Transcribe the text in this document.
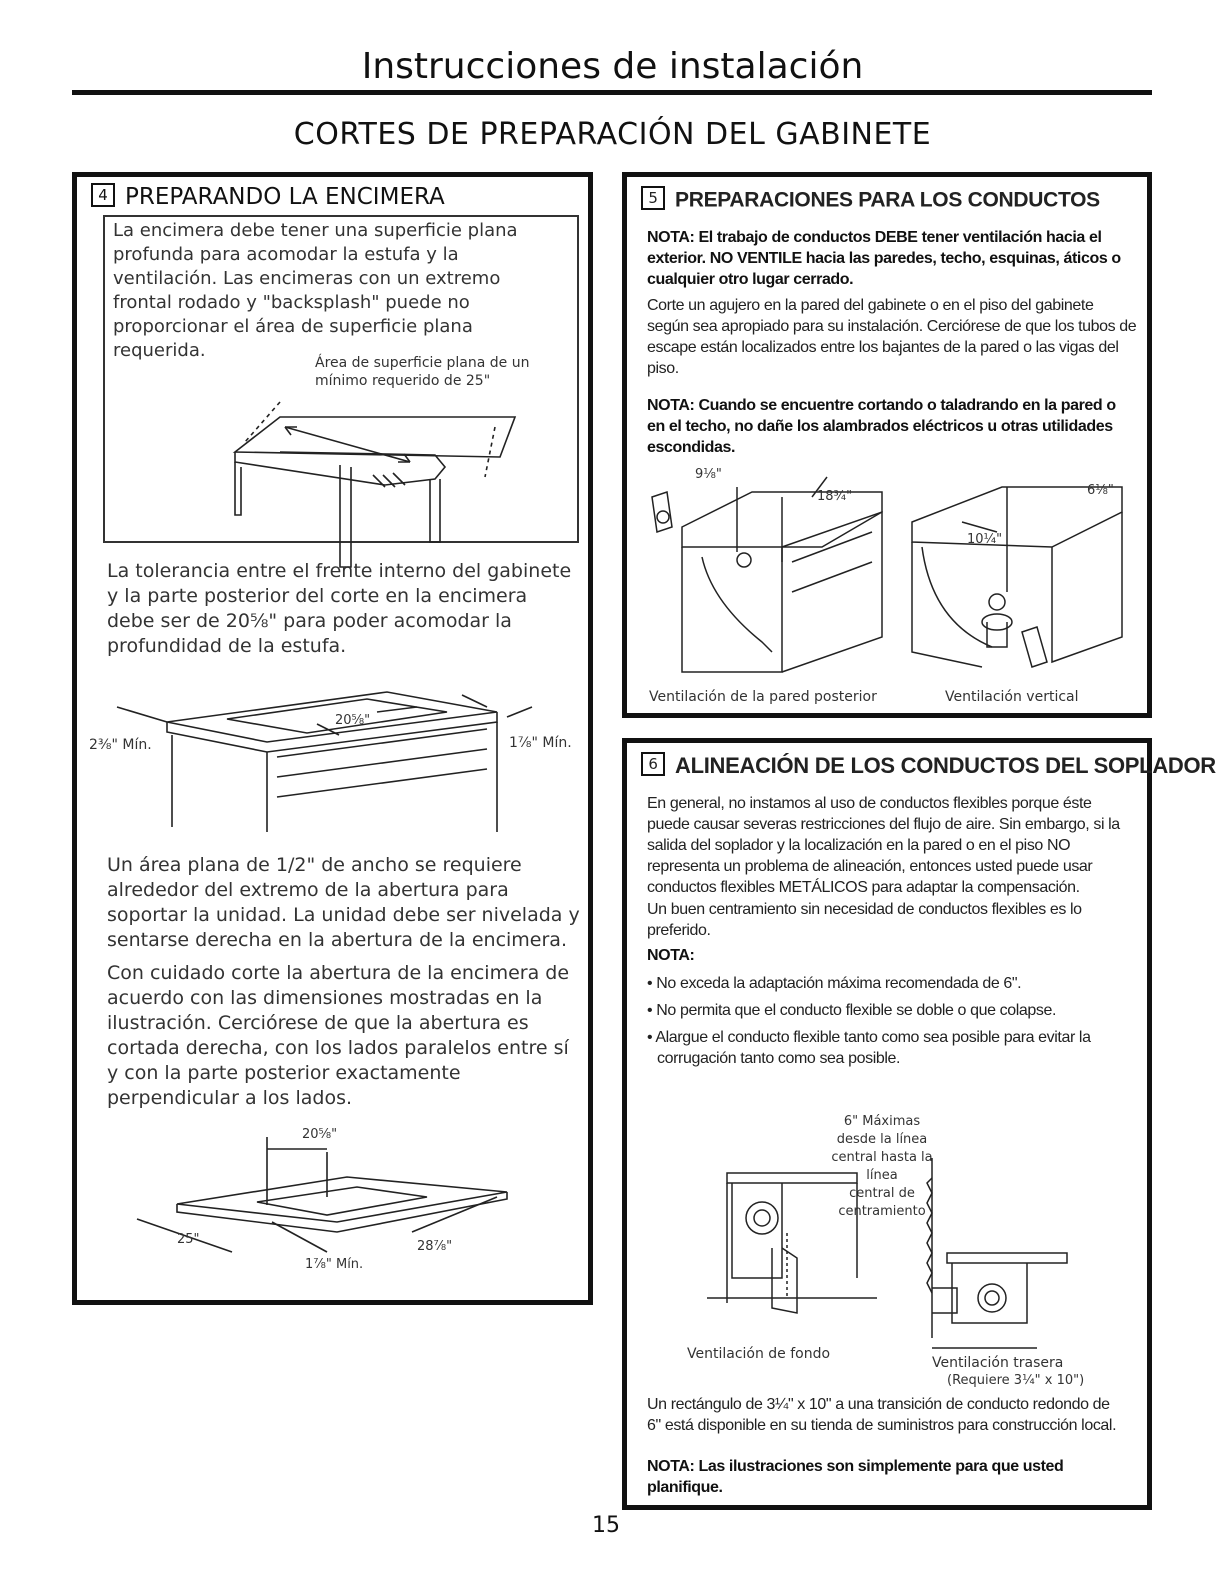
Instrucciones de instalación
CORTES DE PREPARACIÓN DEL GABINETE
4 PREPARANDO LA ENCIMERA
La encimera debe tener una superficie plana profunda para acomodar la estufa y la ventilación. Las encimeras con un extremo frontal rodado y "backsplash" puede no proporcionar el área de superficie plana requerida.
Área de superficie plana de un mínimo requerido de 25"
La tolerancia entre el frente interno del gabinete y la parte posterior del corte en la encimera debe ser de 20⅝" para poder acomodar la profundidad de la estufa.
20⅝"
2⅜" Mín.	1⅞" Mín.
Un área plana de 1/2" de ancho se requiere alrededor del extremo de la abertura para soportar la unidad. La unidad debe ser nivelada y sentarse derecha en la abertura de la encimera.
Con cuidado corte la abertura de la encimera de acuerdo con las dimensiones mostradas en la ilustración. Cerciórese de que la abertura es cortada derecha, con los lados paralelos entre sí y con la parte posterior exactamente perpendicular a los lados.
20⅝"
25"	28⅞"
1⅞" Mín.
5 PREPARACIONES PARA LOS CONDUCTOS
NOTA: El trabajo de conductos DEBE tener ventilación hacia el exterior. NO VENTILE hacia las paredes, techo, esquinas, áticos o cualquier otro lugar cerrado.
Corte un agujero en la pared del gabinete o en el piso del gabinete según sea apropiado para su instalación. Cerciórese de que los tubos de escape están localizados entre los bajantes de la pared o las vigas del piso.
NOTA: Cuando se encuentre cortando o taladrando en la pared o en el techo, no dañe los alambrados eléctricos u otras utilidades escondidas.
9⅛"
18¾"	6⅛"
10¼"
Ventilación de la pared posterior	Ventilación vertical
6 ALINEACIÓN DE LOS CONDUCTOS DEL SOPLADOR
En general, no instamos al uso de conductos flexibles porque éste puede causar severas restricciones del flujo de aire. Sin embargo, si la salida del soplador y la localización en la pared o en el piso NO representa un problema de alineación, entonces usted puede usar conductos flexibles METÁLICOS para adaptar la compensación.
Un buen centramiento sin necesidad de conductos flexibles es lo preferido.
NOTA:
• No exceda la adaptación máxima recomendada de 6".
• No permita que el conducto flexible se doble o que colapse.
• Alargue el conducto flexible tanto como sea posible para evitar la corrugación tanto como sea posible.
6" Máximas
desde la línea
central hasta la
línea
central de
centramiento
Ventilación de fondo
Ventilación trasera
(Requiere 3¼" x 10")
Un rectángulo de 3¼" x 10" a una transición de conducto redondo de 6" está disponible en su tienda de suministros para construcción local.
NOTA: Las ilustraciones son simplemente para que usted planifique.
15
